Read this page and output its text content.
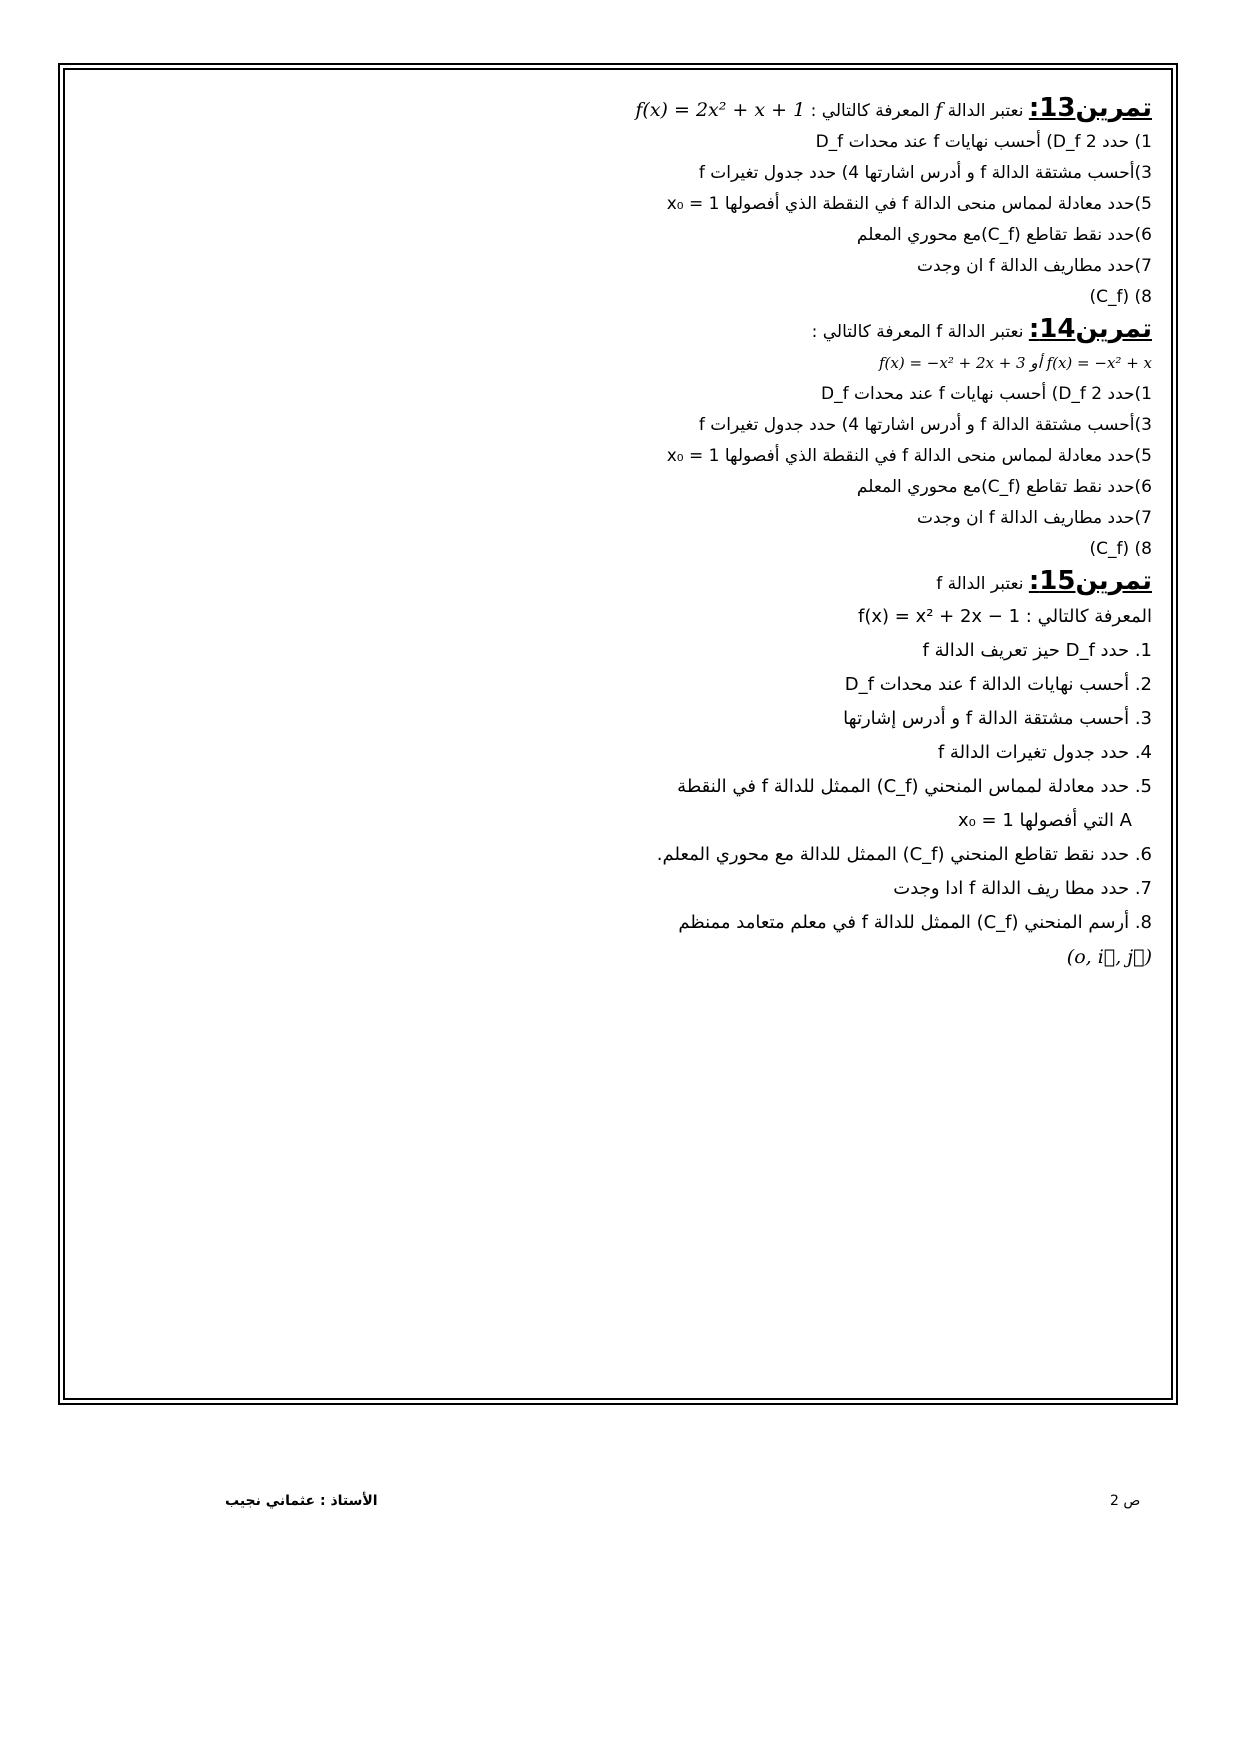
تمرين13: نعتبر الدالة f المعرفة كالتالي : f(x) = 2x² + x + 1
1) حدد D_f 2) أحسب نهايات f عند محدات D_f
3)أحسب مشتقة الدالة f و أدرس اشارتها 4) حدد جدول تغيرات f
5)حدد معادلة لمماس منحى الدالة f في النقطة الذي أفصولها x₀ = 1
6)حدد نقط تقاطع (C_f)مع محوري المعلم
7)حدد مطاريف الدالة f ان وجدت
8) (C_f)
تمرين14: نعتبر الدالة f المعرفة كالتالي :
f(x) = −x² + 2x + 3 أو f(x) = −x² + x
1)حدد D_f 2) أحسب نهايات f عند محدات D_f
3)أحسب مشتقة الدالة f و أدرس اشارتها 4) حدد جدول تغيرات f
5)حدد معادلة لمماس منحى الدالة f في النقطة الذي أفصولها x₀ = 1
6)حدد نقط تقاطع (C_f)مع محوري المعلم
7)حدد مطاريف الدالة f ان وجدت
8) (C_f)
تمرين15: نعتبر الدالة f
المعرفة كالتالي : f(x) = x² + 2x − 1
1. حدد D_f حيز تعريف الدالة f
2. أحسب نهايات الدالة f عند محدات D_f
3. أحسب مشتقة الدالة f و أدرس إشارتها
4. حدد جدول تغيرات الدالة f
5. حدد معادلة لمماس المنحني (C_f) الممثل للدالة f في النقطة
A التي أفصولها x₀ = 1
6. حدد نقط تقاطع المنحني (C_f) الممثل للدالة مع محوري المعلم.
7. حدد مطا ريف الدالة f ادا وجدت
8. أرسم المنحني (C_f) الممثل للدالة f في معلم متعامد ممنظم
(o, i⃗, j⃗)
الأستاذ : عثماني نجيب	ص 2
